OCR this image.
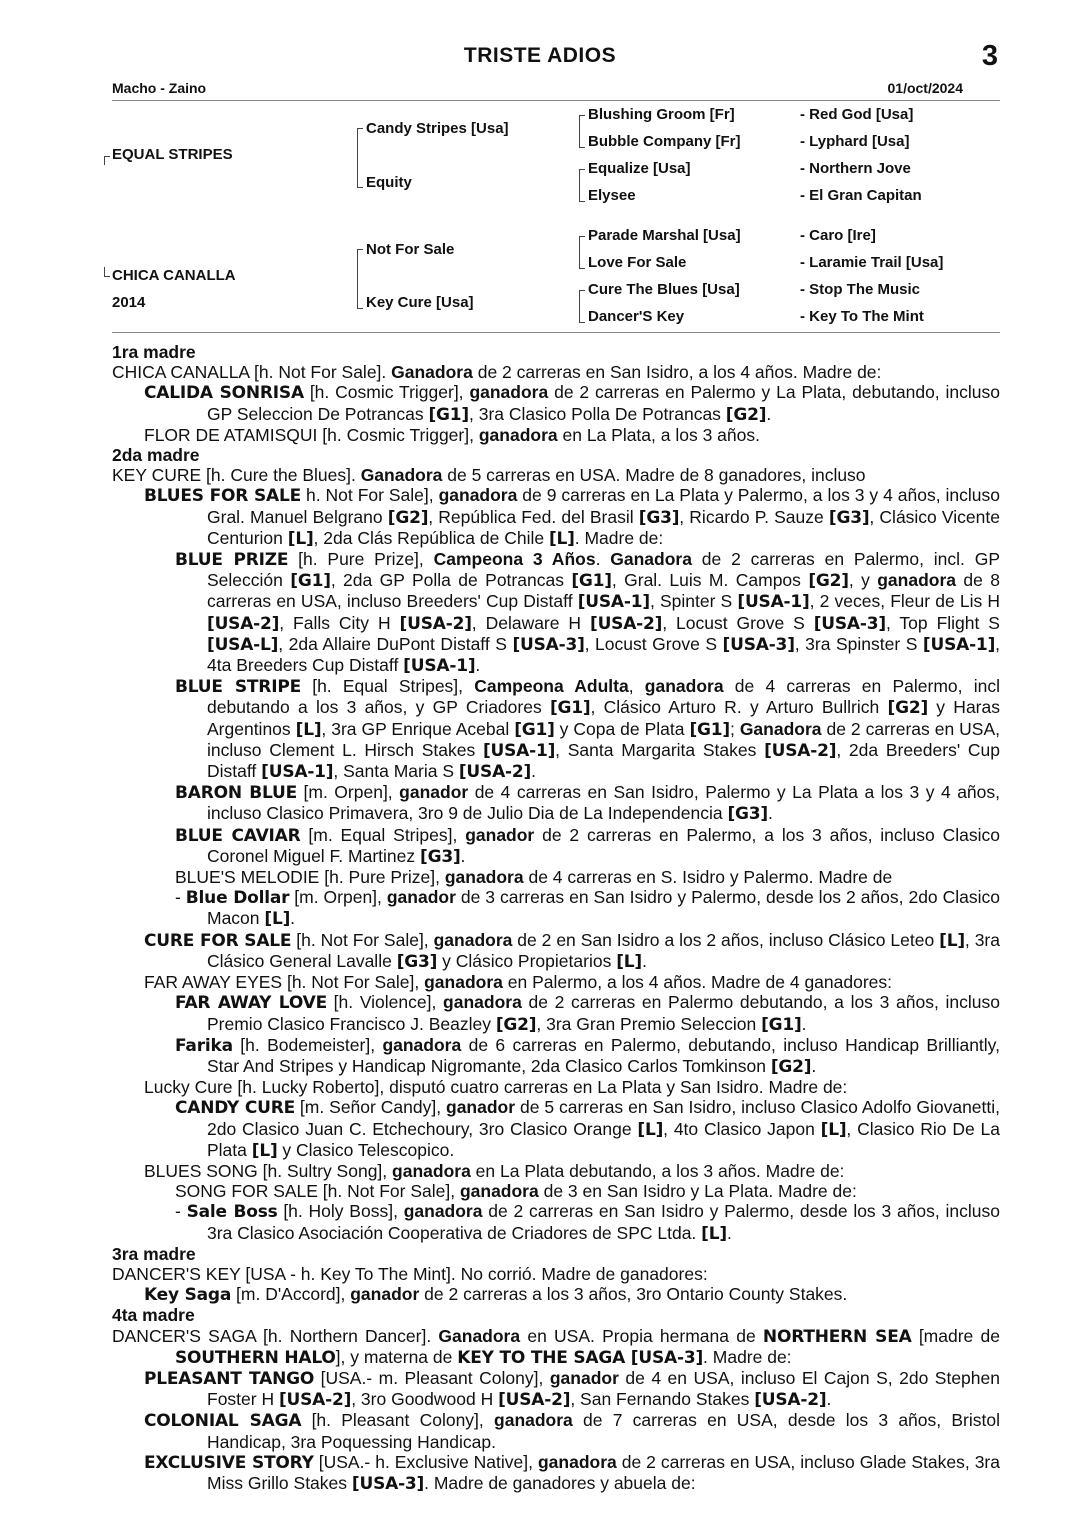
TRISTE ADIOS	3
Macho - Zaino	01/oct/2024
EQUAL STRIPES
CHICA CANALLA
2014
Candy Stripes [Usa]
Equity
Not For Sale
Key Cure [Usa]
Blushing Groom [Fr]
Bubble Company [Fr]
Equalize [Usa]
Elysee
Parade Marshal [Usa]
Love For Sale
Cure The Blues [Usa]
Dancer'S Key
- Red God [Usa]
- Lyphard [Usa]
- Northern Jove
- El Gran Capitan
- Caro [Ire]
- Laramie Trail [Usa]
- Stop The Music
- Key To The Mint
1ra madre

CHICA CANALLA [h. Not For Sale]. Ganadora de 2 carreras en San Isidro, a los 4 años. Madre de:

CALIDA SONRISA [h. Cosmic Trigger], ganadora de 2 carreras en Palermo y La Plata, debutando, incluso GP Seleccion De Potrancas [G1], 3ra Clasico Polla De Potrancas [G2].

FLOR DE ATAMISQUI [h. Cosmic Trigger], ganadora en La Plata, a los 3 años.

2da madre

KEY CURE [h. Cure the Blues]. Ganadora de 5 carreras en USA. Madre de 8 ganadores, incluso

BLUES FOR SALE h. Not For Sale], ganadora de 9 carreras en La Plata y Palermo, a los 3 y 4 años, incluso Gral. Manuel Belgrano [G2], República Fed. del Brasil [G3], Ricardo P. Sauze [G3], Clásico Vicente Centurion [L], 2da Clás República de Chile [L]. Madre de:

BLUE PRIZE [h. Pure Prize], Campeona 3 Años. Ganadora de 2 carreras en Palermo, incl. GP Selección [G1], 2da GP Polla de Potrancas [G1], Gral. Luis M. Campos [G2], y ganadora de 8 carreras en USA, incluso Breeders' Cup Distaff [USA-1], Spinter S [USA-1], 2 veces, Fleur de Lis H [USA-2], Falls City H [USA-2], Delaware H [USA-2], Locust Grove S [USA-3], Top Flight S [USA-L], 2da Allaire DuPont Distaff S [USA-3], Locust Grove S [USA-3], 3ra Spinster S [USA-1], 4ta Breeders Cup Distaff [USA-1].

BLUE STRIPE [h. Equal Stripes], Campeona Adulta, ganadora de 4 carreras en Palermo, incl debutando a los 3 años, y GP Criadores [G1], Clásico Arturo R. y Arturo Bullrich [G2] y Haras Argentinos [L], 3ra GP Enrique Acebal [G1] y Copa de Plata [G1]; Ganadora de 2 carreras en USA, incluso Clement L. Hirsch Stakes [USA-1], Santa Margarita Stakes [USA-2], 2da Breeders' Cup Distaff [USA-1], Santa Maria S [USA-2].

BARON BLUE [m. Orpen], ganador de 4 carreras en San Isidro, Palermo y La Plata a los 3 y 4 años, incluso Clasico Primavera, 3ro 9 de Julio Dia de La Independencia [G3].

BLUE CAVIAR [m. Equal Stripes], ganador de 2 carreras en Palermo, a los 3 años, incluso Clasico Coronel Miguel F. Martinez [G3].

BLUE'S MELODIE [h. Pure Prize], ganadora de 4 carreras en S. Isidro y Palermo. Madre de

- Blue Dollar [m. Orpen], ganador de 3 carreras en San Isidro y Palermo, desde los 2 años, 2do Clasico Macon [L].

CURE FOR SALE [h. Not For Sale], ganadora de 2 en San Isidro a los 2 años, incluso Clásico Leteo [L], 3ra Clásico General Lavalle [G3] y Clásico Propietarios [L].

FAR AWAY EYES [h. Not For Sale], ganadora en Palermo, a los 4 años. Madre de 4 ganadores:

FAR AWAY LOVE [h. Violence], ganadora de 2 carreras en Palermo debutando, a los 3 años, incluso Premio Clasico Francisco J. Beazley [G2], 3ra Gran Premio Seleccion [G1].

Farika [h. Bodemeister], ganadora de 6 carreras en Palermo, debutando, incluso Handicap Brilliantly, Star And Stripes y Handicap Nigromante, 2da Clasico Carlos Tomkinson [G2].

Lucky Cure [h. Lucky Roberto], disputó cuatro carreras en La Plata y San Isidro. Madre de:

CANDY CURE [m. Señor Candy], ganador de 5 carreras en San Isidro, incluso Clasico Adolfo Giovanetti, 2do Clasico Juan C. Etchechoury, 3ro Clasico Orange [L], 4to Clasico Japon [L], Clasico Rio De La Plata [L] y Clasico Telescopico.

BLUES SONG [h. Sultry Song], ganadora en La Plata debutando, a los 3 años. Madre de:

SONG FOR SALE [h. Not For Sale], ganadora de 3 en San Isidro y La Plata. Madre de:

- Sale Boss [h. Holy Boss], ganadora de 2 carreras en San Isidro y Palermo, desde los 3 años, incluso 3ra Clasico Asociación Cooperativa de Criadores de SPC Ltda. [L].

3ra madre

DANCER'S KEY [USA - h. Key To The Mint]. No corrió. Madre de ganadores:

Key Saga [m. D'Accord], ganador de 2 carreras a los 3 años, 3ro Ontario County Stakes.

4ta madre

DANCER'S SAGA [h. Northern Dancer]. Ganadora en USA. Propia hermana de NORTHERN SEA [madre de SOUTHERN HALO], y materna de KEY TO THE SAGA [USA-3]. Madre de:

PLEASANT TANGO [USA.- m. Pleasant Colony], ganador de 4 en USA, incluso El Cajon S, 2do Stephen Foster H [USA-2], 3ro Goodwood H [USA-2], San Fernando Stakes [USA-2].

COLONIAL SAGA [h. Pleasant Colony], ganadora de 7 carreras en USA, desde los 3 años, Bristol Handicap, 3ra Poquessing Handicap.

EXCLUSIVE STORY [USA.- h. Exclusive Native], ganadora de 2 carreras en USA, incluso Glade Stakes, 3ra Miss Grillo Stakes [USA-3]. Madre de ganadores y abuela de:
